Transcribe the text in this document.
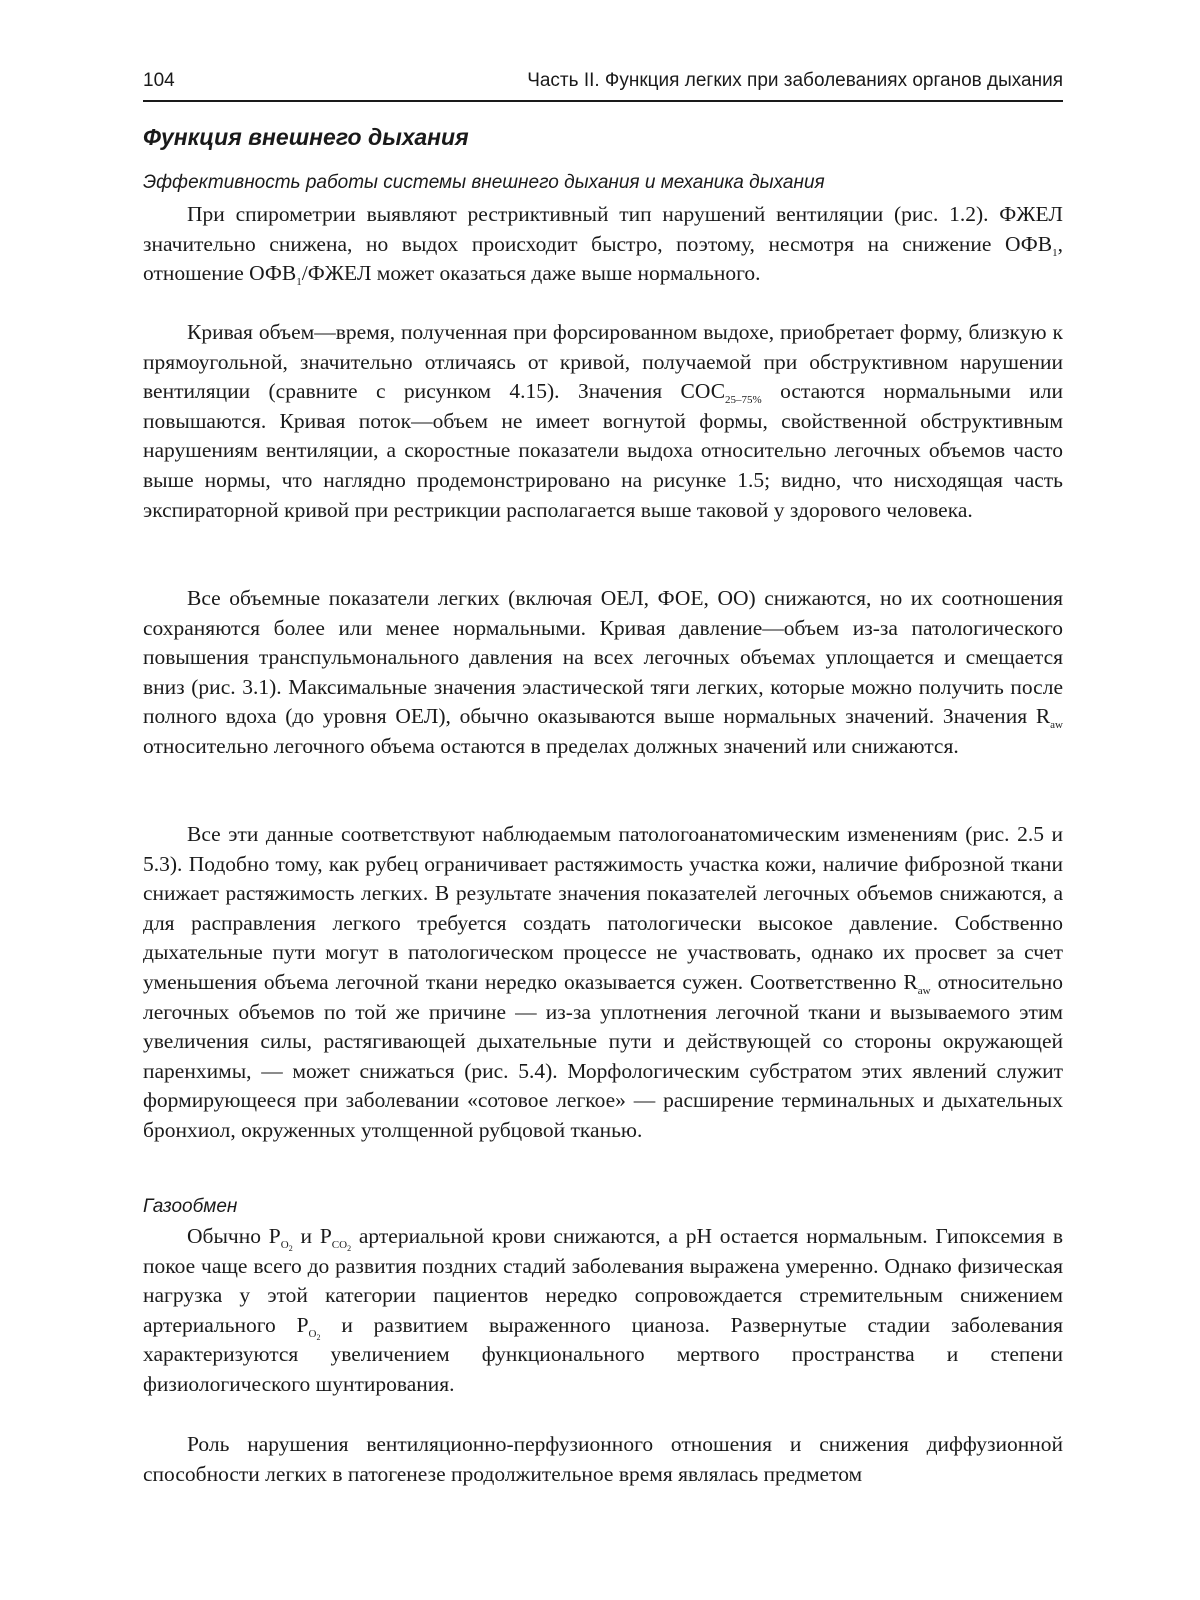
104	Часть II. Функция легких при заболеваниях органов дыхания
Функция внешнего дыхания
Эффективность работы системы внешнего дыхания и механика дыхания

При спирометрии выявляют рестриктивный тип нарушений вентиляции (рис. 1.2). ФЖЕЛ значительно снижена, но выдох происходит быстро, поэтому, несмотря на снижение $ОФВ_1$, отношение $ОФВ_1$/ФЖЕЛ может оказаться даже выше нормального.

Кривая объем—время, полученная при форсированном выдохе, приобретает форму, близкую к прямоугольной, значительно отличаясь от кривой, получаемой при обструктивном нарушении вентиляции (сравните с рисунком 4.15). Значения $СОС_{25-75\%}$ остаются нормальными или повышаются. Кривая поток—объем не имеет вогнутой формы, свойственной обструктивным нарушениям вентиляции, а скоростные показатели выдоха относительно легочных объемов часто выше нормы, что наглядно продемонстрировано на рисунке 1.5; видно, что нисходящая часть экспираторной кривой при рестрикции располагается выше таковой у здорового человека.

Все объемные показатели легких (включая ОЕЛ, ФОЕ, ОО) снижаются, но их соотношения сохраняются более или менее нормальными. Кривая давление—объем из-за патологического повышения транспульмонального давления на всех легочных объемах уплощается и смещается вниз (рис. 3.1). Максимальные значения эластической тяги легких, которые можно получить после полного вдоха (до уровня ОЕЛ), обычно оказываются выше нормальных значений. Значения $R_{aw}$ относительно легочного объема остаются в пределах должных значений или снижаются.

Все эти данные соответствуют наблюдаемым патологоанатомическим изменениям (рис. 2.5 и 5.3). Подобно тому, как рубец ограничивает растяжимость участка кожи, наличие фиброзной ткани снижает растяжимость легких. В результате значения показателей легочных объемов снижаются, а для расправления легкого требуется создать патологически высокое давление. Собственно дыхательные пути могут в патологическом процессе не участвовать, однако их просвет за счет уменьшения объема легочной ткани нередко оказывается сужен. Соответственно $R_{aw}$ относительно легочных объемов по той же причине — из-за уплотнения легочной ткани и вызываемого этим увеличения силы, растягивающей дыхательные пути и действующей со стороны окружающей паренхимы, — может снижаться (рис. 5.4). Морфологическим субстратом этих явлений служит формирующееся при заболевании «сотовое легкое» — расширение терминальных и дыхательных бронхиол, окруженных утолщенной рубцовой тканью.

Газообмен

Обычно $P_{O_2}$ и $P_{CO_2}$ артериальной крови снижаются, а pH остается нормальным. Гипоксемия в покое чаще всего до развития поздних стадий заболевания выражена умеренно. Однако физическая нагрузка у этой категории пациентов нередко сопровождается стремительным снижением артериального $P_{O_2}$ и развитием выраженного цианоза. Развернутые стадии заболевания характеризуются увеличением функционального мертвого пространства и степени физиологического шунтирования.

Роль нарушения вентиляционно-перфузионного отношения и снижения диффузионной способности легких в патогенезе продолжительное время являлась предметом
